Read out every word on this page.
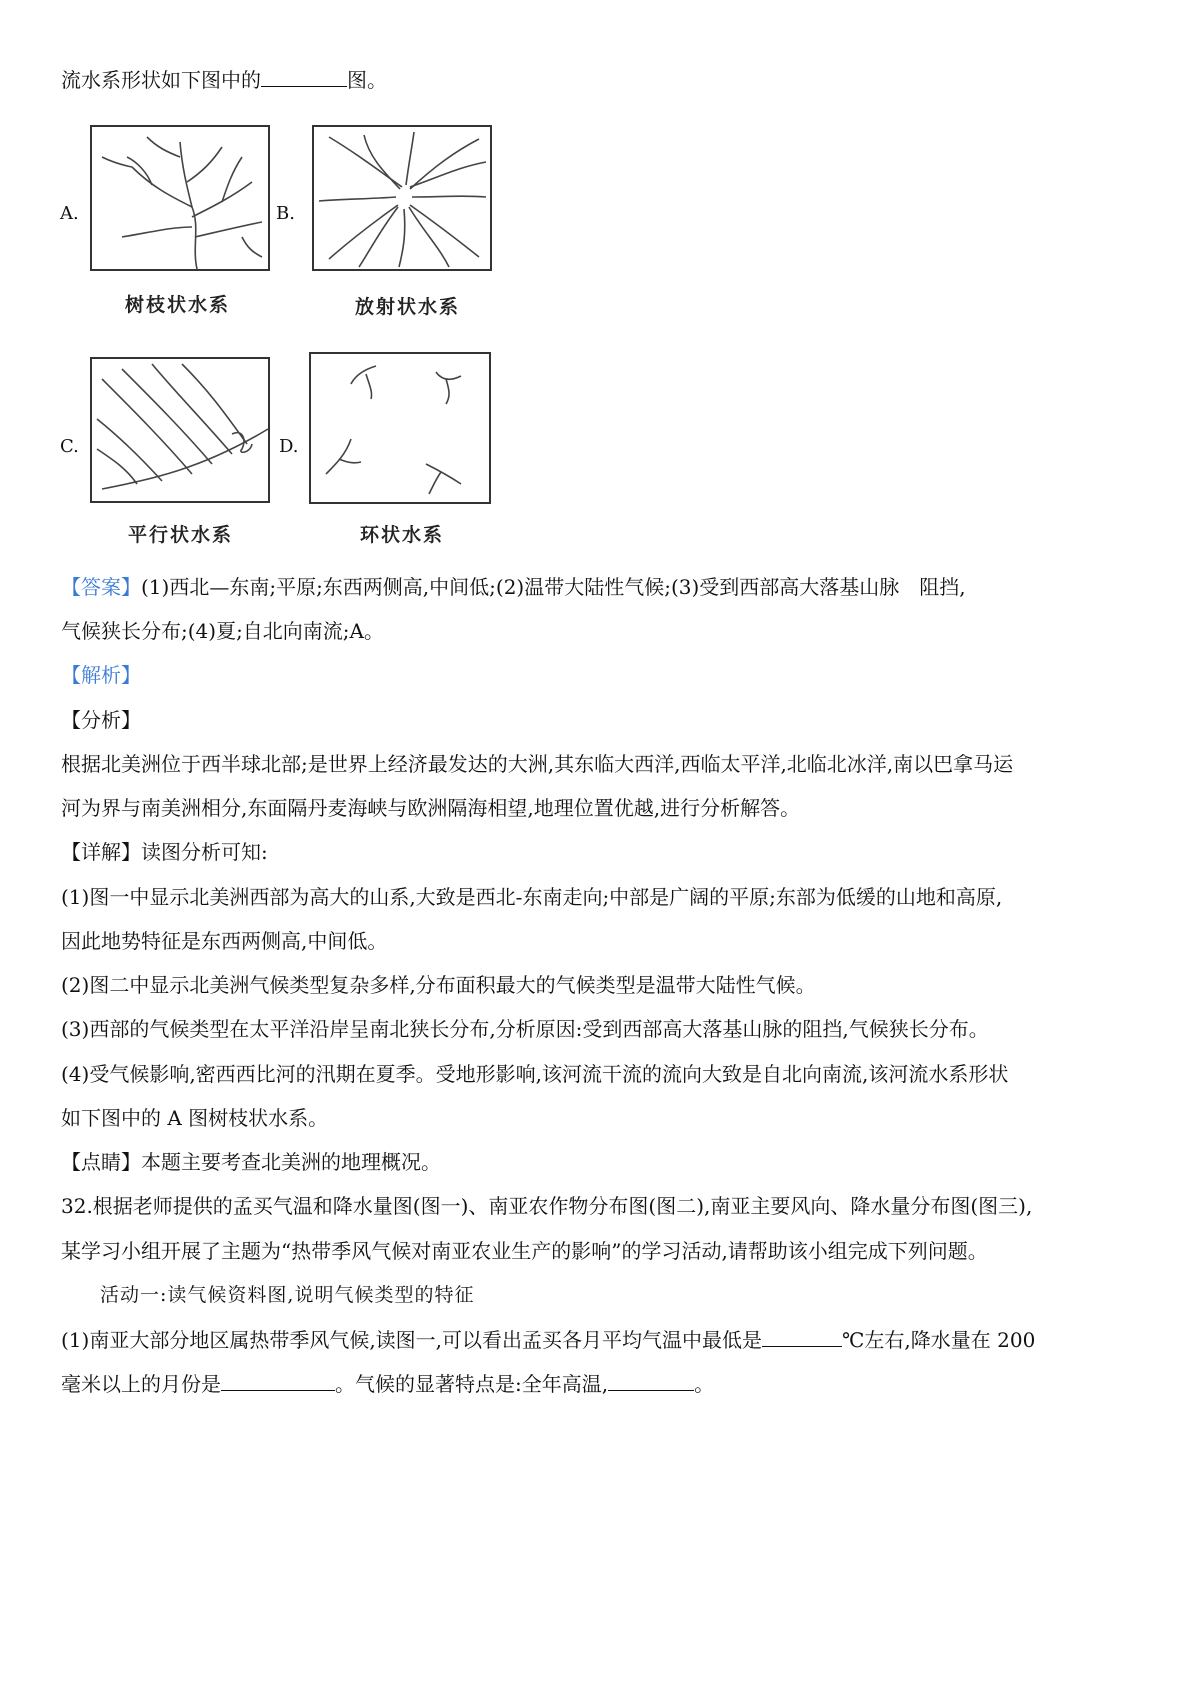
流水系形状如下图中的	图。
A.
树枝状水系
B.
放射状水系
C.
平行状水系
D.
环状水系
【答案】(1)西北—东南;平原;东西两侧高,中间低;(2)温带大陆性气候;(3)受到西部高大落基山脉　阻挡,
气候狭长分布;(4)夏;自北向南流;A。
【解析】
【分析】
根据北美洲位于西半球北部;是世界上经济最发达的大洲,其东临大西洋,西临太平洋,北临北冰洋,南以巴拿马运
河为界与南美洲相分,东面隔丹麦海峡与欧洲隔海相望,地理位置优越,进行分析解答。
【详解】读图分析可知:
(1)图一中显示北美洲西部为高大的山系,大致是西北-东南走向;中部是广阔的平原;东部为低缓的山地和高原,
因此地势特征是东西两侧高,中间低。
(2)图二中显示北美洲气候类型复杂多样,分布面积最大的气候类型是温带大陆性气候。
(3)西部的气候类型在太平洋沿岸呈南北狭长分布,分析原因:受到西部高大落基山脉的阻挡,气候狭长分布。
(4)受气候影响,密西西比河的汛期在夏季。受地形影响,该河流干流的流向大致是自北向南流,该河流水系形状
如下图中的 A 图树枝状水系。
【点睛】本题主要考查北美洲的地理概况。
32.根据老师提供的孟买气温和降水量图(图一)、南亚农作物分布图(图二),南亚主要风向、降水量分布图(图三),
某学习小组开展了主题为“热带季风气候对南亚农业生产的影响”的学习活动,请帮助该小组完成下列问题。
活动一:读气候资料图,说明气候类型的特征
(1)南亚大部分地区属热带季风气候,读图一,可以看出孟买各月平均气温中最低是	℃左右,降水量在 200
毫米以上的月份是	。气候的显著特点是:全年高温,	。
